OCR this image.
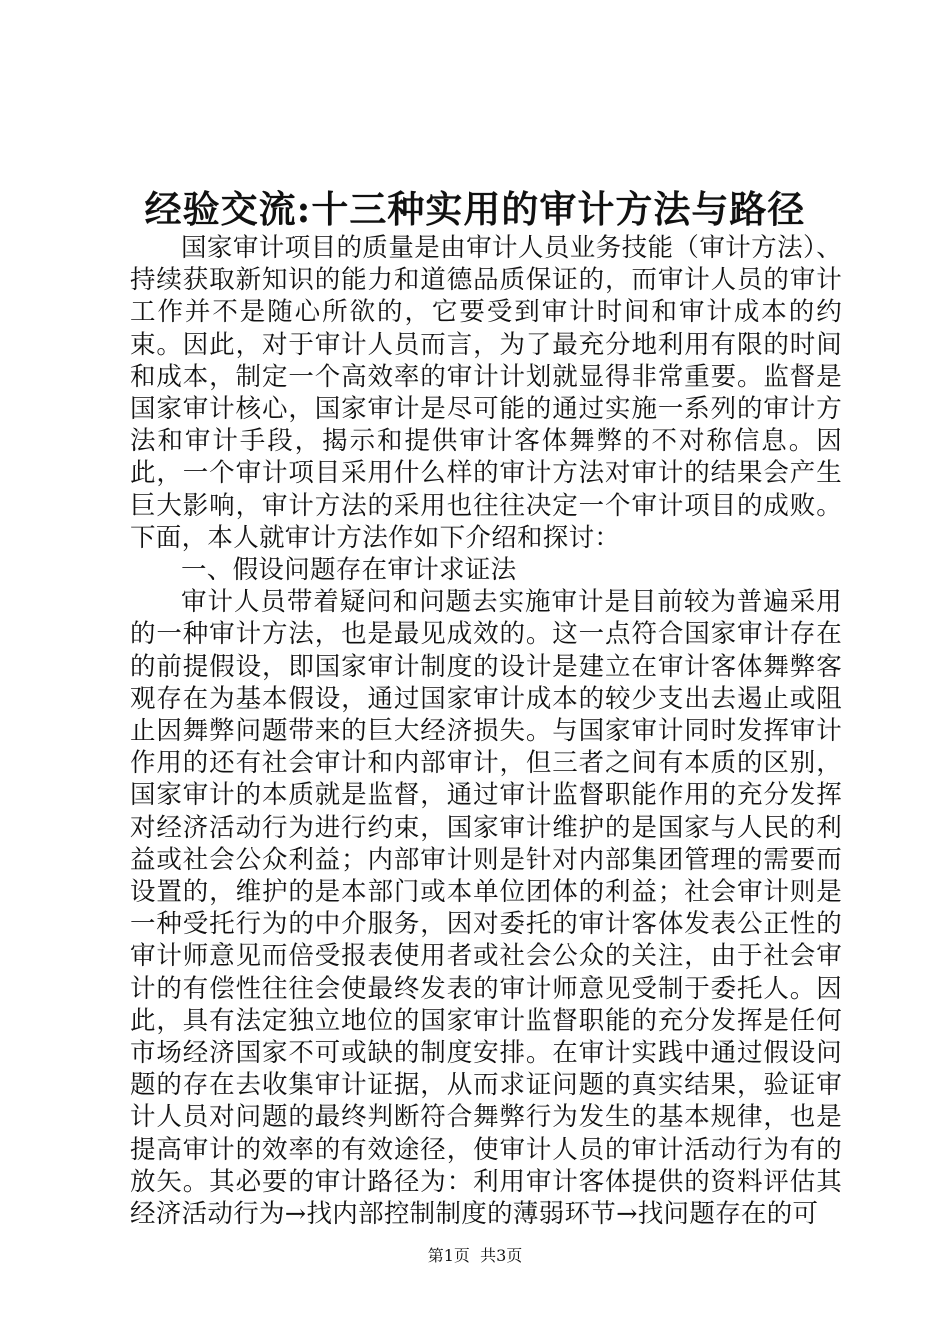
经验交流:十三种实用的审计方法与路径

国家审计项目的质量是由审计人员业务技能（审计方法）、持续获取新知识的能力和道德品质保证的，而审计人员的审计工作并不是随心所欲的，它要受到审计时间和审计成本的约束。因此，对于审计人员而言，为了最充分地利用有限的时间和成本，制定一个高效率的审计计划就显得非常重要。监督是国家审计核心，国家审计是尽可能的通过实施一系列的审计方法和审计手段，揭示和提供审计客体舞弊的不对称信息。因此，一个审计项目采用什么样的审计方法对审计的结果会产生巨大影响，审计方法的采用也往往决定一个审计项目的成败。下面，本人就审计方法作如下介绍和探讨：

一、假设问题存在审计求证法

审计人员带着疑问和问题去实施审计是目前较为普遍采用的一种审计方法，也是最见成效的。这一点符合国家审计存在的前提假设，即国家审计制度的设计是建立在审计客体舞弊客观存在为基本假设，通过国家审计成本的较少支出去遏止或阻止因舞弊问题带来的巨大经济损失。与国家审计同时发挥审计作用的还有社会审计和内部审计，但三者之间有本质的区别，国家审计的本质就是监督，通过审计监督职能作用的充分发挥对经济活动行为进行约束，国家审计维护的是国家与人民的利益或社会公众利益；内部审计则是针对内部集团管理的需要而设置的，维护的是本部门或本单位团体的利益；社会审计则是一种受托行为的中介服务，因对委托的审计客体发表公正性的审计师意见而倍受报表使用者或社会公众的关注，由于社会审计的有偿性往往会使最终发表的审计师意见受制于委托人。因此，具有法定独立地位的国家审计监督职能的充分发挥是任何市场经济国家不可或缺的制度安排。在审计实践中通过假设问题的存在去收集审计证据，从而求证问题的真实结果，验证审计人员对问题的最终判断符合舞弊行为发生的基本规律，也是提高审计的效率的有效途径，使审计人员的审计活动行为有的放矢。其必要的审计路径为：利用审计客体提供的资料评估其经济活动行为→找内部控制制度的薄弱环节→找问题存在的可

第1页 共3页
